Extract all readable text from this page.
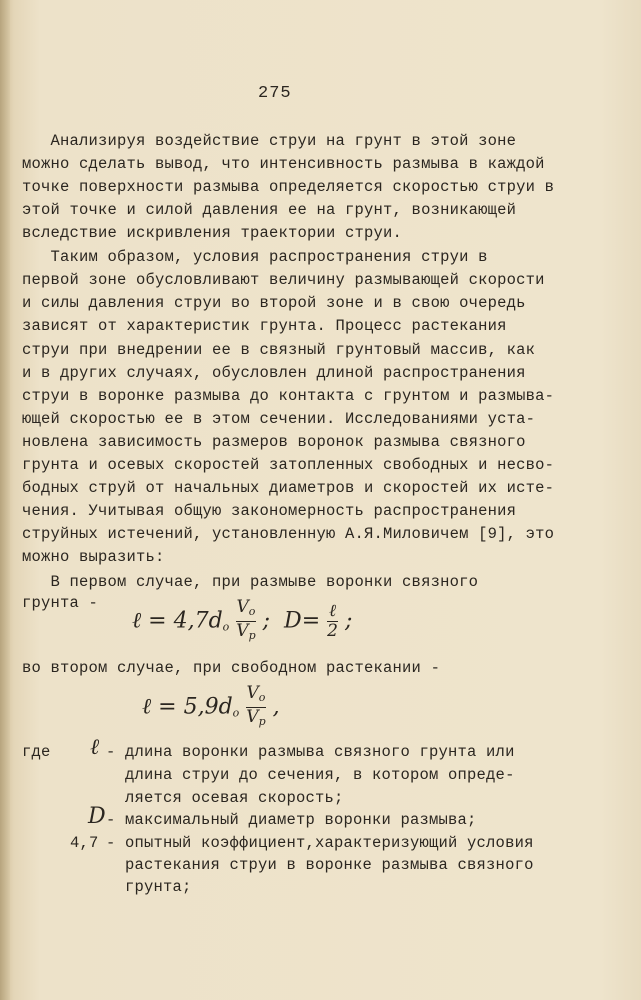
275
Анализируя воздействие струи на грунт в этой зоне
можно сделать вывод, что интенсивность размыва в каждой
точке поверхности размыва определяется скоростью струи в
этой точке и силой давления ее на грунт, возникающей
вследствие искривления траектории струи.
Таким образом, условия распространения струи в
первой зоне обусловливают величину размывающей скорости
и силы давления струи во второй зоне и в свою очередь
зависят от характеристик грунта. Процесс растекания
струи при внедрении ее в связный грунтовый массив, как
и в других случаях, обусловлен длиной распространения
струи в воронке размыва до контакта с грунтом и размыва-
ющей скоростью ее в этом сечении. Исследованиями уста-
новлена зависимость размеров воронок размыва связного
грунта и осевых скоростей затопленных свободных и несво-
бодных струй от начальных диаметров и скоростей их исте-
чения. Учитывая общую закономерность распространения
струйных истечений, установленную А.Я.Миловичем [9], это
можно выразить:
В первом случае, при размыве воронки связного
грунта -
ℓ = $4,7d_o \frac{V_o}{V_p}$ ; $D= \frac{\text{ℓ}}{2}$ ;
во втором случае, при свободном растекании -
ℓ = $5,9d_o \frac{V_o}{V_p}$ ,
где ℓ - длина воронки размыва связного грунта или
длина струи до сечения, в котором опреде-
ляется осевая скорость;
D - максимальный диаметр воронки размыва;
4,7 - опытный коэффициент,характеризующий условия
растекания струи в воронке размыва связного
грунта;
